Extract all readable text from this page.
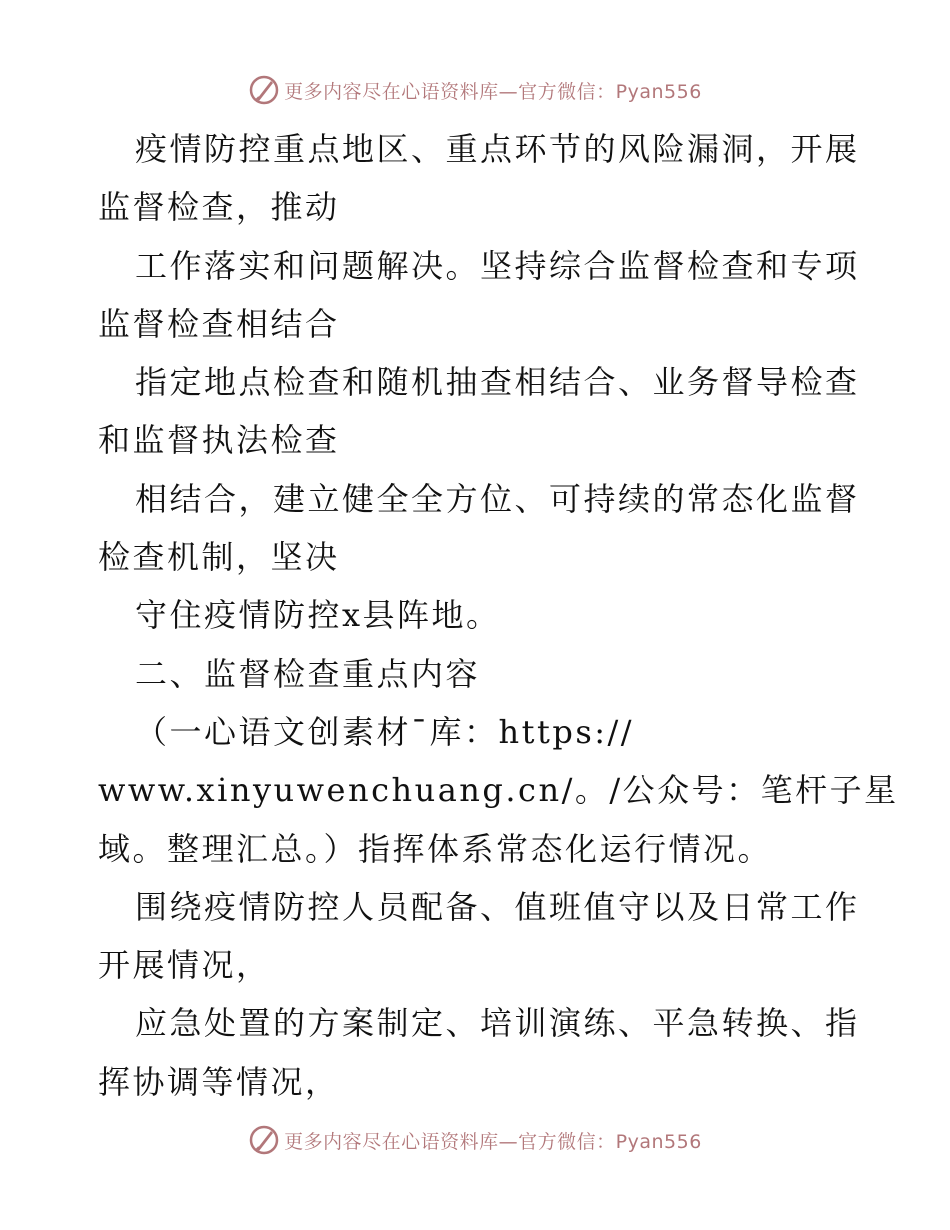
更多内容尽在心语资料库—官方微信：Pyan556
疫情防控重点地区、重点环节的风险漏洞，开展
监督检查，推动
工作落实和问题解决。坚持综合监督检查和专项
监督检查相结合
指定地点检查和随机抽查相结合、业务督导检查
和监督执法检查
相结合，建立健全全方位、可持续的常态化监督
检查机制，坚决
守住疫情防控x县阵地。
二、监督检查重点内容
（一心语文创素材¯库：https://
www.xinyuwenchuang.cn/。/公众号：笔杆子星
域。整理汇总。）指挥体系常态化运行情况。
围绕疫情防控人员配备、值班值守以及日常工作
开展情况，
应急处置的方案制定、培训演练、平急转换、指
挥协调等情况，
更多内容尽在心语资料库—官方微信：Pyan556
